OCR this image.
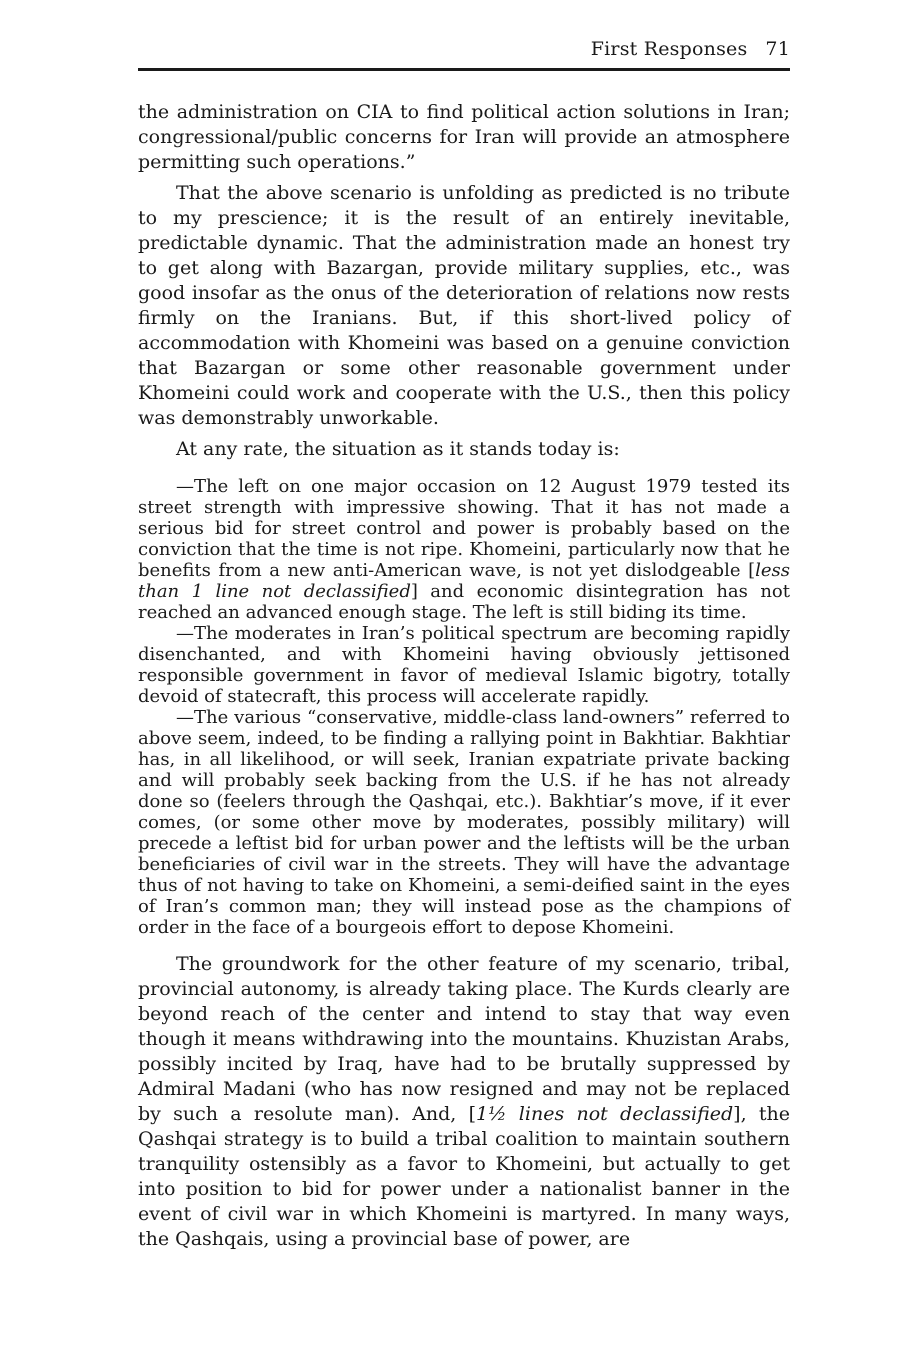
First Responses 71

the administration on CIA to find political action solutions in Iran; congressional/public concerns for Iran will provide an atmosphere permitting such operations.”

That the above scenario is unfolding as predicted is no tribute to my prescience; it is the result of an entirely inevitable, predictable dynamic. That the administration made an honest try to get along with Bazargan, provide military supplies, etc., was good insofar as the onus of the deterioration of relations now rests firmly on the Iranians. But, if this short-lived policy of accommodation with Khomeini was based on a genuine conviction that Bazargan or some other reasonable government under Khomeini could work and cooperate with the U.S., then this policy was demonstrably unworkable.

At any rate, the situation as it stands today is:

—The left on one major occasion on 12 August 1979 tested its street strength with impressive showing. That it has not made a serious bid for street control and power is probably based on the conviction that the time is not ripe. Khomeini, particularly now that he benefits from a new anti-American wave, is not yet dislodgeable [less than 1 line not declassified] and economic disintegration has not reached an advanced enough stage. The left is still biding its time.

—The moderates in Iran’s political spectrum are becoming rapidly disenchanted, and with Khomeini having obviously jettisoned responsible government in favor of medieval Islamic bigotry, totally devoid of statecraft, this process will accelerate rapidly.

—The various “conservative, middle-class land-owners” referred to above seem, indeed, to be finding a rallying point in Bakhtiar. Bakhtiar has, in all likelihood, or will seek, Iranian expatriate private backing and will probably seek backing from the U.S. if he has not already done so (feelers through the Qashqai, etc.). Bakhtiar’s move, if it ever comes, (or some other move by moderates, possibly military) will precede a leftist bid for urban power and the leftists will be the urban beneficiaries of civil war in the streets. They will have the advantage thus of not having to take on Khomeini, a semi-deified saint in the eyes of Iran’s common man; they will instead pose as the champions of order in the face of a bourgeois effort to depose Khomeini.

The groundwork for the other feature of my scenario, tribal, provincial autonomy, is already taking place. The Kurds clearly are beyond reach of the center and intend to stay that way even though it means withdrawing into the mountains. Khuzistan Arabs, possibly incited by Iraq, have had to be brutally suppressed by Admiral Madani (who has now resigned and may not be replaced by such a resolute man). And, [1½ lines not declassified], the Qashqai strategy is to build a tribal coalition to maintain southern tranquility ostensibly as a favor to Khomeini, but actually to get into position to bid for power under a nationalist banner in the event of civil war in which Khomeini is martyred. In many ways, the Qashqais, using a provincial base of power, are
